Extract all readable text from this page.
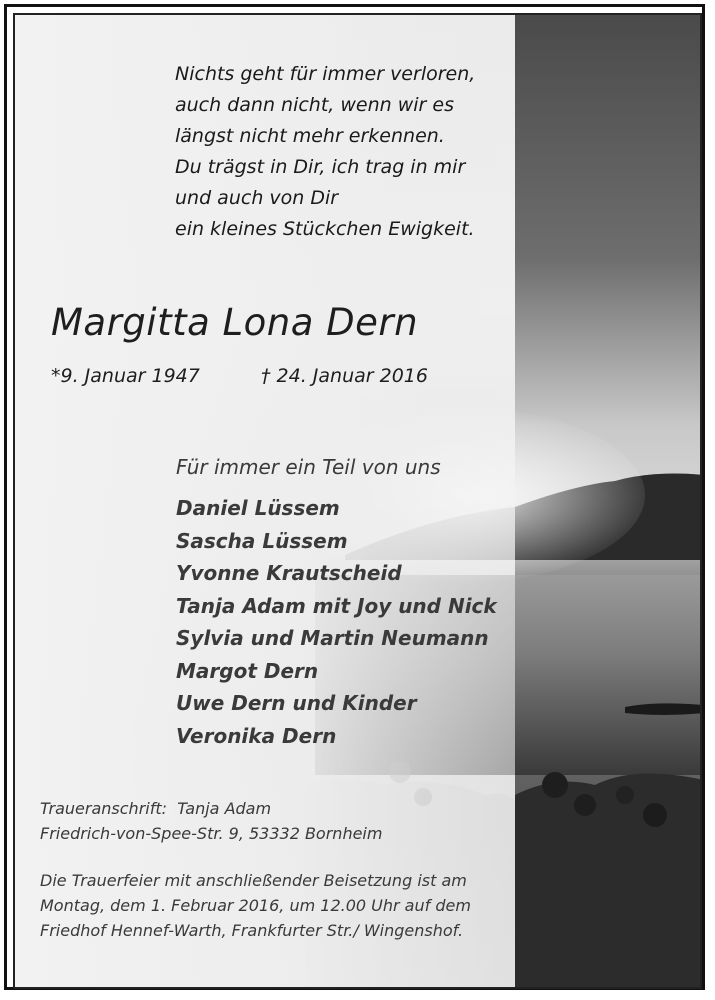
Nichts geht für immer verloren,
auch dann nicht, wenn wir es
längst nicht mehr erkennen.
Du trägst in Dir, ich trag in mir
und auch von Dir
ein kleines Stückchen Ewigkeit.
Margitta Lona Dern
*9. Januar 1947	† 24. Januar 2016
Für immer ein Teil von uns
Daniel Lüssem
Sascha Lüssem
Yvonne Krautscheid
Tanja Adam mit Joy und Nick
Sylvia und Martin Neumann
Margot Dern
Uwe Dern und Kinder
Veronika Dern
Traueranschrift: Tanja Adam
Friedrich-von-Spee-Str. 9, 53332 Bornheim
Die Trauerfeier mit anschließender Beisetzung ist am
Montag, dem 1. Februar 2016, um 12.00 Uhr auf dem
Friedhof Hennef-Warth, Frankfurter Str./ Wingenshof.
